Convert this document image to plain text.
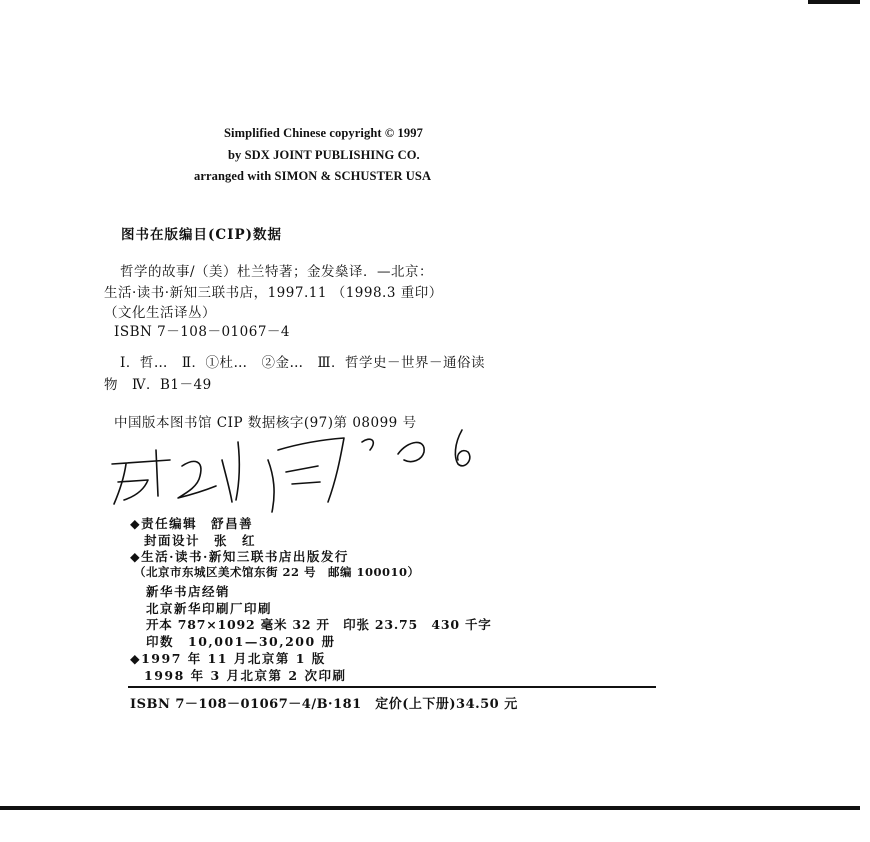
Simplified Chinese copyright © 1997
by SDX JOINT PUBLISHING CO.
arranged with SIMON & SCHUSTER USA
图书在版编目(CIP)数据
哲学的故事/（美）杜兰特著；金发燊译．—北京：
生活·读书·新知三联书店，1997.11 （1998.3 重印）
（文化生活译丛）
ISBN 7－108－01067－4
Ⅰ．哲…　Ⅱ．①杜…　②金…　Ⅲ．哲学史－世界－通俗读
物　Ⅳ．B1－49
中国版本图书馆 CIP 数据核字(97)第 08099 号
◆责任编辑　舒昌善
封面设计　张　红
◆生活·读书·新知三联书店出版发行
（北京市东城区美术馆东街 22 号　邮编 100010）
新华书店经销
北京新华印刷厂印刷
开本 787×1092 毫米 32 开　印张 23.75　430 千字
印数　10,001—30,200 册
◆1997 年 11 月北京第 1 版
1998 年 3 月北京第 2 次印刷
ISBN 7－108－01067－4/B·181　定价(上下册)34.50 元
